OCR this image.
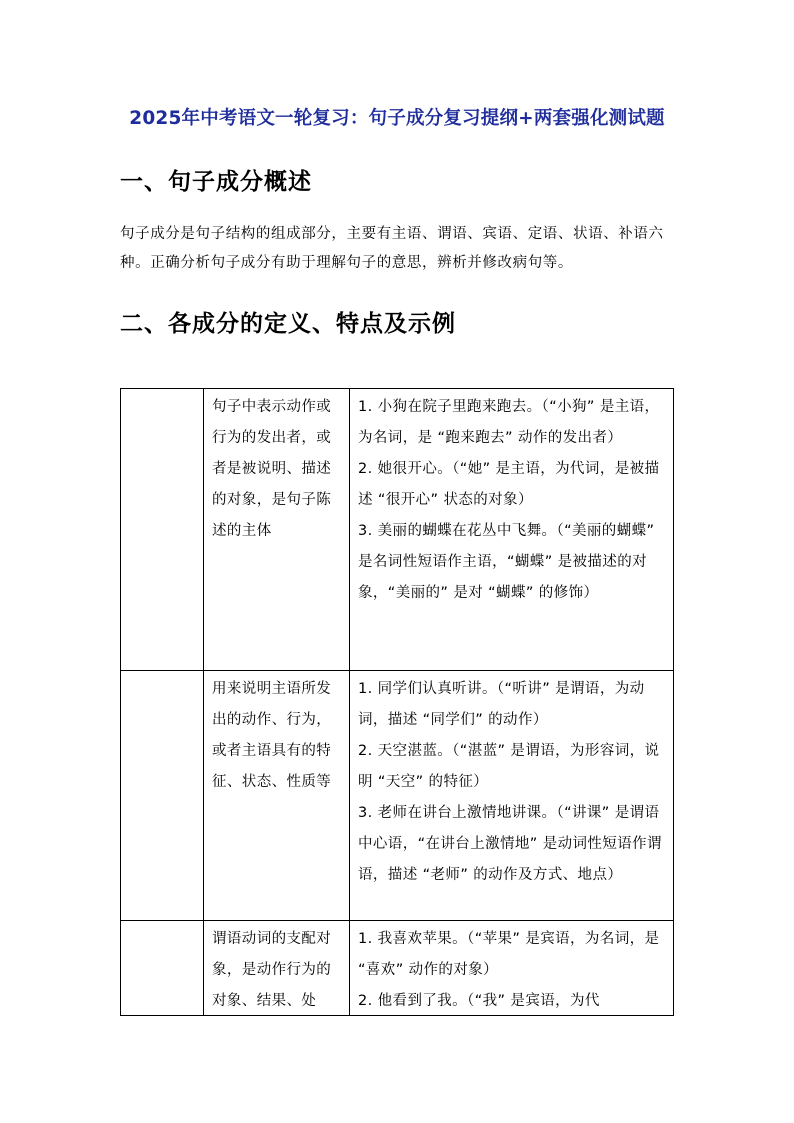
2025年中考语文一轮复习：句子成分复习提纲+两套强化测试题
一、句子成分概述

句子成分是句子结构的组成部分，主要有主语、谓语、宾语、定语、状语、补语六种。正确分析句子成分有助于理解句子的意思，辨析并修改病句等。

二、各成分的定义、特点及示例
	句子中表示动作或行为的发出者，或者是被说明、描述的对象，是句子陈述的主体	1. 小狗在院子里跑来跑去。（“小狗” 是主语，为名词，是 “跑来跑去” 动作的发出者）
2. 她很开心。（“她” 是主语，为代词，是被描述 “很开心” 状态的对象）
3. 美丽的蝴蝶在花丛中飞舞。（“美丽的蝴蝶” 是名词性短语作主语，“蝴蝶” 是被描述的对象，“美丽的” 是对 “蝴蝶” 的修饰）

	用来说明主语所发出的动作、行为，或者主语具有的特征、状态、性质等	1. 同学们认真听讲。（“听讲” 是谓语，为动词，描述 “同学们” 的动作）
2. 天空湛蓝。（“湛蓝” 是谓语，为形容词，说明 “天空” 的特征）
3. 老师在讲台上激情地讲课。（“讲课” 是谓语中心语，“在讲台上激情地” 是动词性短语作谓语，描述 “老师” 的动作及方式、地点）

	谓语动词的支配对象，是动作行为的对象、结果、处	1. 我喜欢苹果。（“苹果” 是宾语，为名词，是 “喜欢” 动作的对象）
2. 他看到了我。（“我” 是宾语，为代
